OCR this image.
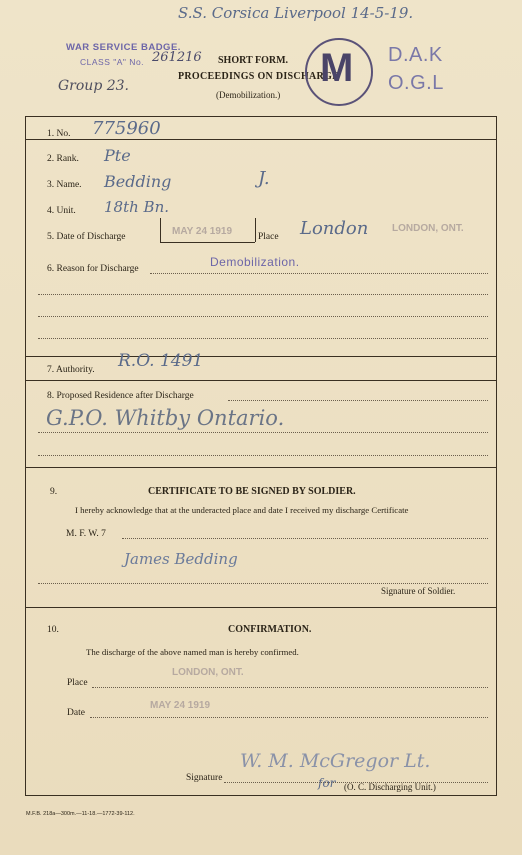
S.S. Corsica Liverpool 14-5-19.
WAR SERVICE BADGE.
CLASS "A" No. 261216
Group 23.
SHORT FORM.
PROCEEDINGS ON DISCHARGE
(Demobilization.)
M D.A.K
O.G.L
1. No. 775960
2. Rank. Pte
3. Name. Bedding	J.
4. Unit. 18th Bn.
5. Date of Discharge	MAY 24 1919	Place London LONDON, ONT.
6. Reason for Discharge	Demobilization.
7. Authority. R.O. 1491
8. Proposed Residence after Discharge
G.P.O. Whitby Ontario.
9.	CERTIFICATE TO BE SIGNED BY SOLDIER.
I hereby acknowledge that at the underacted place and date I received my discharge Certificate
M. F. W. 7
James Bedding
Signature of Soldier.
10.	CONFIRMATION.
The discharge of the above named man is hereby confirmed.
Place
LONDON, ONT.
Date
MAY 24 1919
Signature
W. M. McGregor Lt.
for (O. C. Discharging Unit.)
M.F.B. 218a—300m.—11-18.—1772-39-112.
